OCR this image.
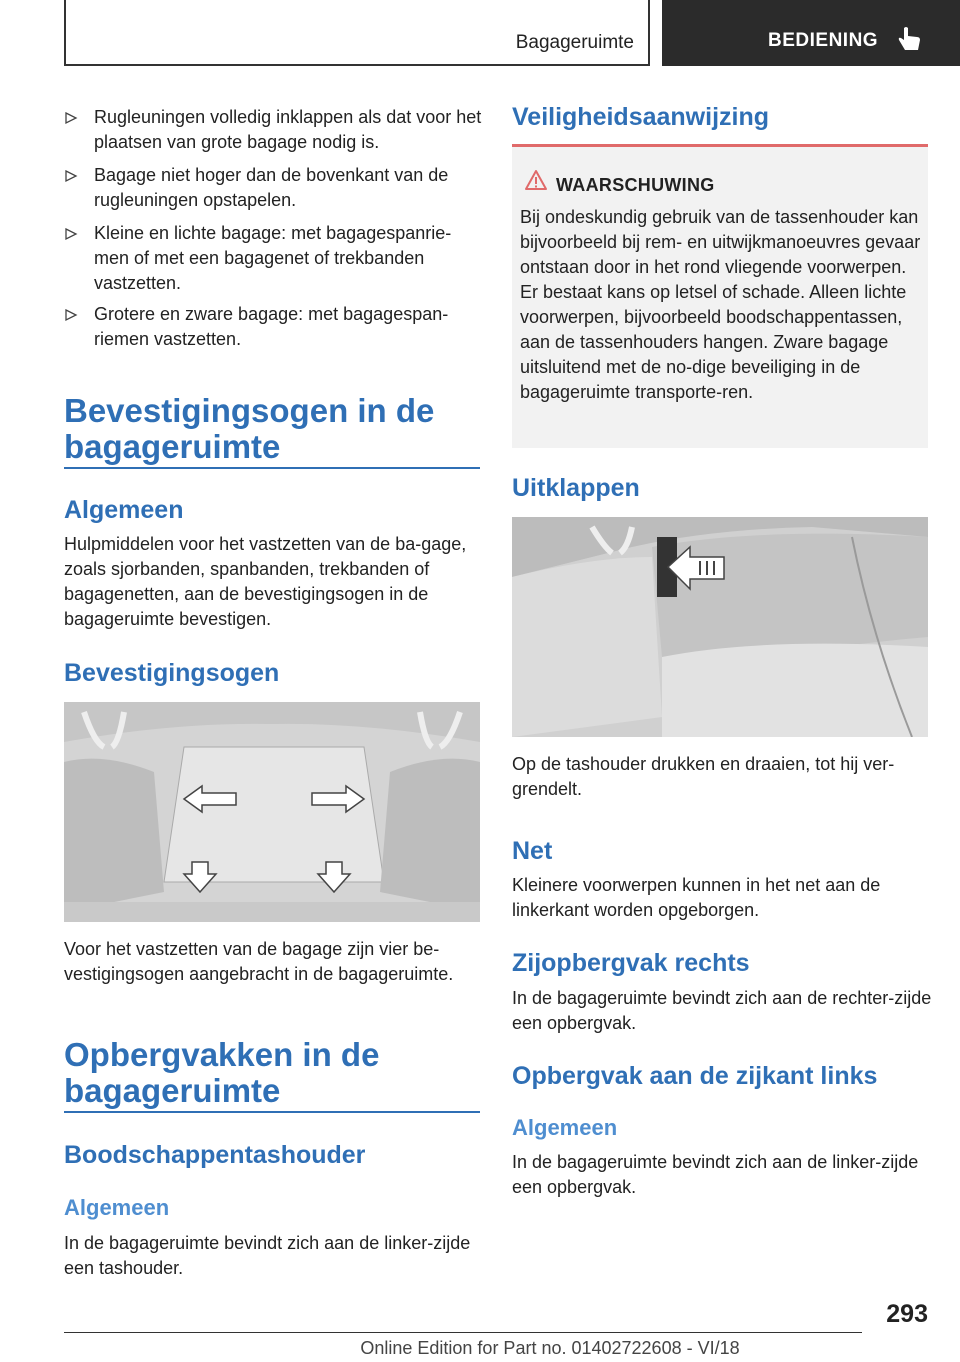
Bagageruimte	BEDIENING
Rugleuningen volledig inklappen als dat voor het plaatsen van grote bagage nodig is.
Bagage niet hoger dan de bovenkant van de rugleuningen opstapelen.
Kleine en lichte bagage: met bagagespanrie-men of met een bagagenet of trekbanden vastzetten.
Grotere en zware bagage: met bagagespan-riemen vastzetten.
Bevestigingsogen in de
bagageruimte
Algemeen
Hulpmiddelen voor het vastzetten van de ba-gage, zoals sjorbanden, spanbanden, trekbanden of bagagenetten, aan de bevestigingsogen in de bagageruimte bevestigen.
Bevestigingsogen
Voor het vastzetten van de bagage zijn vier be-vestigingsogen aangebracht in de bagageruimte.
Opbergvakken in de
bagageruimte
Boodschappentashouder
Algemeen
In de bagageruimte bevindt zich aan de linker-zijde een tashouder.
Veiligheidsaanwijzing
WAARSCHUWING
Bij ondeskundig gebruik van de tassenhouder kan bijvoorbeeld bij rem- en uitwijkmanoeuvres gevaar ontstaan door in het rond vliegende voorwerpen. Er bestaat kans op letsel of schade. Alleen lichte voorwerpen, bijvoorbeeld boodschappentassen, aan de tassenhouders hangen. Zware bagage uitsluitend met de no-dige beveiliging in de bagageruimte transporte-ren.
Uitklappen
Op de tashouder drukken en draaien, tot hij ver-grendelt.
Net
Kleinere voorwerpen kunnen in het net aan de linkerkant worden opgeborgen.
Zijopbergvak rechts
In de bagageruimte bevindt zich aan de rechter-zijde een opbergvak.
Opbergvak aan de zijkant links
Algemeen
In de bagageruimte bevindt zich aan de linker-zijde een opbergvak.
293
Online Edition for Part no. 01402722608 - VI/18
